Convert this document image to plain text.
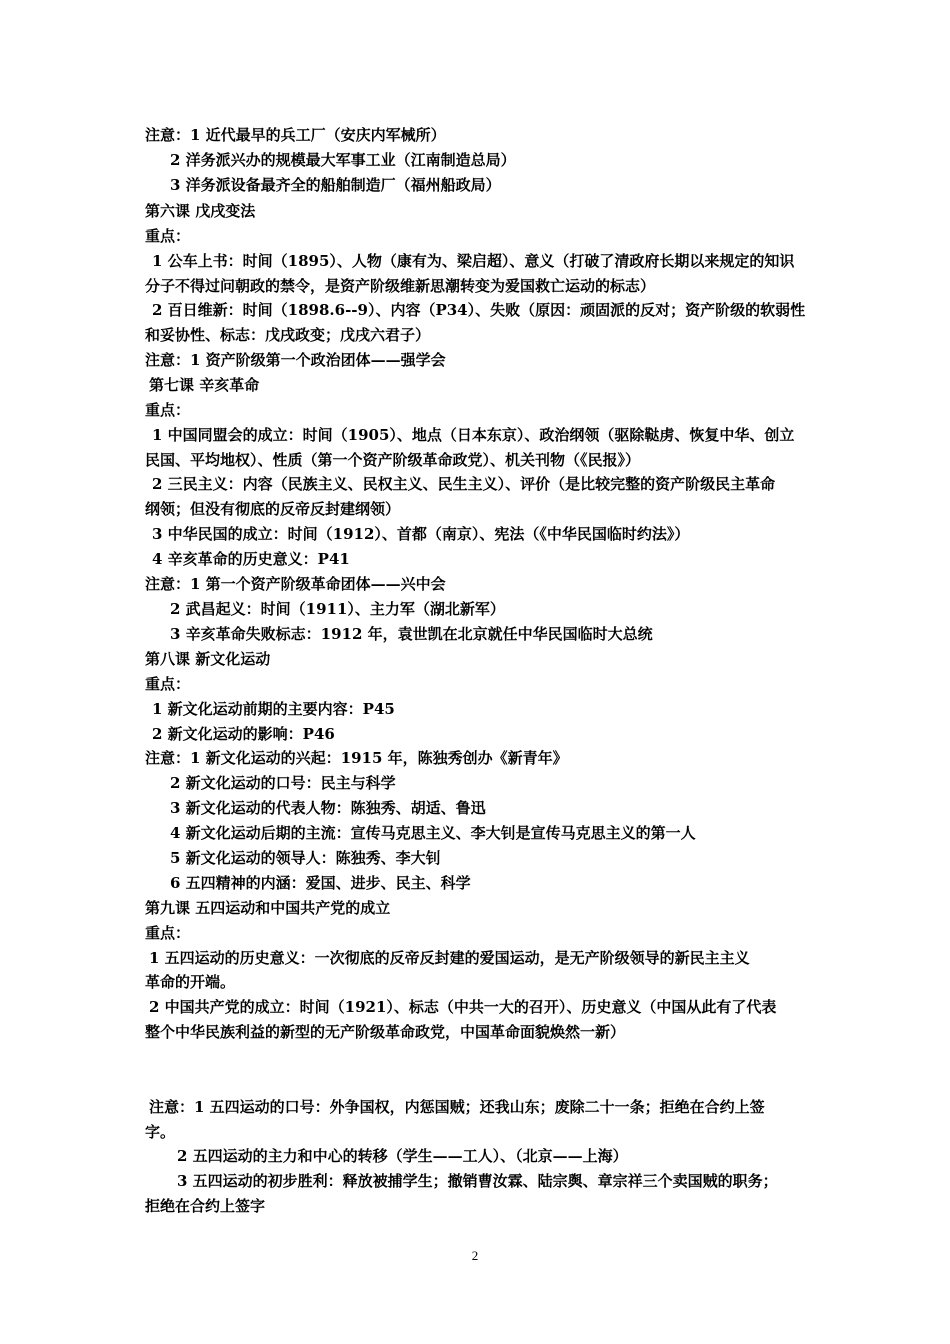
注意：1 近代最早的兵工厂（安庆内军械所）
2 洋务派兴办的规模最大军事工业（江南制造总局）
3 洋务派设备最齐全的船舶制造厂（福州船政局）
第六课 戊戌变法
重点：
1 公车上书：时间（1895）、人物（康有为、梁启超）、意义（打破了清政府长期以来规定的知识
分子不得过问朝政的禁令，是资产阶级维新思潮转变为爱国救亡运动的标志）
2 百日维新：时间（1898.6--9）、内容（P34）、失败（原因：顽固派的反对；资产阶级的软弱性
和妥协性、标志：戊戌政变；戊戌六君子）
注意：1 资产阶级第一个政治团体——强学会
第七课 辛亥革命
重点：
1 中国同盟会的成立：时间（1905）、地点（日本东京）、政治纲领（驱除鞑虏、恢复中华、创立
民国、平均地权）、性质（第一个资产阶级革命政党）、机关刊物（《民报》）
2 三民主义：内容（民族主义、民权主义、民生主义）、评价（是比较完整的资产阶级民主革命
纲领；但没有彻底的反帝反封建纲领）
3 中华民国的成立：时间（1912）、首都（南京）、宪法（《中华民国临时约法》）
4 辛亥革命的历史意义：P41
注意：1 第一个资产阶级革命团体——兴中会
2 武昌起义：时间（1911）、主力军（湖北新军）
3 辛亥革命失败标志：1912 年，袁世凯在北京就任中华民国临时大总统
第八课 新文化运动
重点：
1 新文化运动前期的主要内容：P45
2 新文化运动的影响：P46
注意：1 新文化运动的兴起：1915 年，陈独秀创办《新青年》
2 新文化运动的口号：民主与科学
3 新文化运动的代表人物：陈独秀、胡适、鲁迅
4 新文化运动后期的主流：宣传马克思主义、李大钊是宣传马克思主义的第一人
5 新文化运动的领导人：陈独秀、李大钊
6 五四精神的内涵：爱国、进步、民主、科学
第九课 五四运动和中国共产党的成立
重点：
1 五四运动的历史意义：一次彻底的反帝反封建的爱国运动，是无产阶级领导的新民主主义
革命的开端。
2 中国共产党的成立：时间（1921）、标志（中共一大的召开）、历史意义（中国从此有了代表
整个中华民族利益的新型的无产阶级革命政党，中国革命面貌焕然一新）
注意：1 五四运动的口号：外争国权，内惩国贼；还我山东；废除二十一条；拒绝在合约上签
字。
2 五四运动的主力和中心的转移（学生——工人）、（北京——上海）
3 五四运动的初步胜利：释放被捕学生；撤销曹汝霖、陆宗舆、章宗祥三个卖国贼的职务；
拒绝在合约上签字
2
